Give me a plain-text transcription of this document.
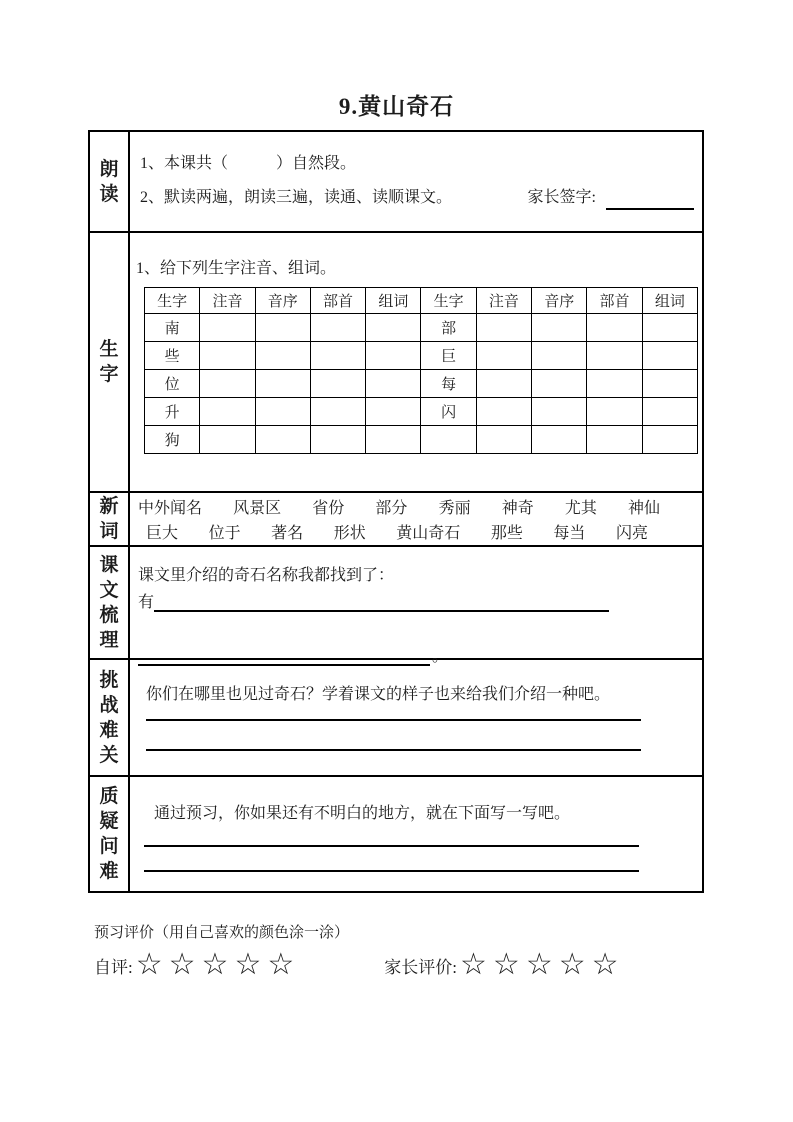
9.黄山奇石
朗读
1、本课共（　　　）自然段。
2、默读两遍，朗读三遍，读通、读顺课文。	家长签字:
生字
1、给下列生字注音、组词。
生字	注音	音序	部首	组词	生字	注音	音序	部首	组词
南					部				
些					巨				
位					每				
升					闪				
狗									
新词
中外闻名 风景区 省份 部分 秀丽 神奇 尤其 神仙
巨大 位于 著名 形状 黄山奇石 那些 每当 闪亮
课文梳理
课文里介绍的奇石名称我都找到了：
有
。
挑战难关
你们在哪里也见过奇石？学着课文的样子也来给我们介绍一种吧。
质疑问难
通过预习，你如果还有不明白的地方，就在下面写一写吧。
预习评价（用自己喜欢的颜色涂一涂）
自评: ☆ ☆ ☆ ☆ ☆	家长评价: ☆ ☆ ☆ ☆ ☆
